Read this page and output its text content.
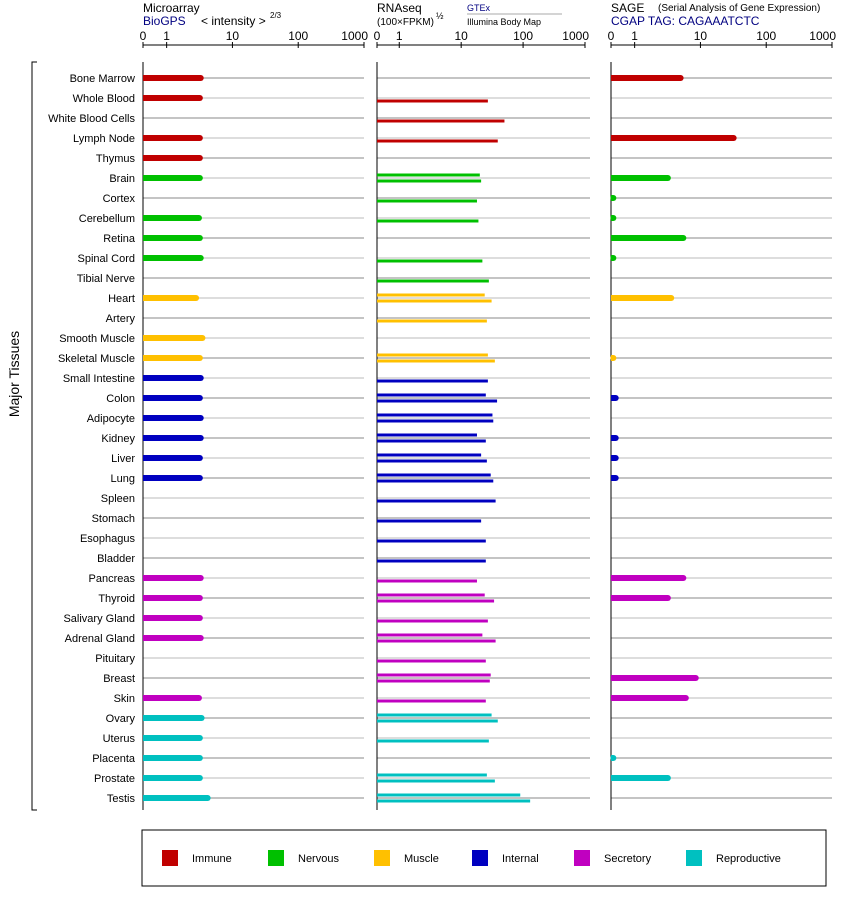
Microarray
BioGPS < intensity > 2/3
RNAseq
(100×FPKM)
½
GTEx
Illumina Body Map
SAGE (Serial Analysis of Gene Expression)
CGAP TAG: CAGAAATCTC
Major Tissues
Bone Marrow
Whole Blood
White Blood Cells
Lymph Node
Thymus
Brain
Cortex
Cerebellum
Retina
Spinal Cord
Tibial Nerve
Heart
Artery
Smooth Muscle
Skeletal Muscle
Small Intestine
Colon
Adipocyte
Kidney
Liver
Lung
Spleen
Stomach
Esophagus
Bladder
Pancreas
Thyroid
Salivary Gland
Adrenal Gland
Pituitary
Breast
Skin
Ovary
Uterus
Placenta
Prostate
Testis
0 1	10	100	1000 0 1	10	100 1000 0 1	10	100	1000
Immune	Nervous	Muscle	Internal	Secretory	Reproductive
